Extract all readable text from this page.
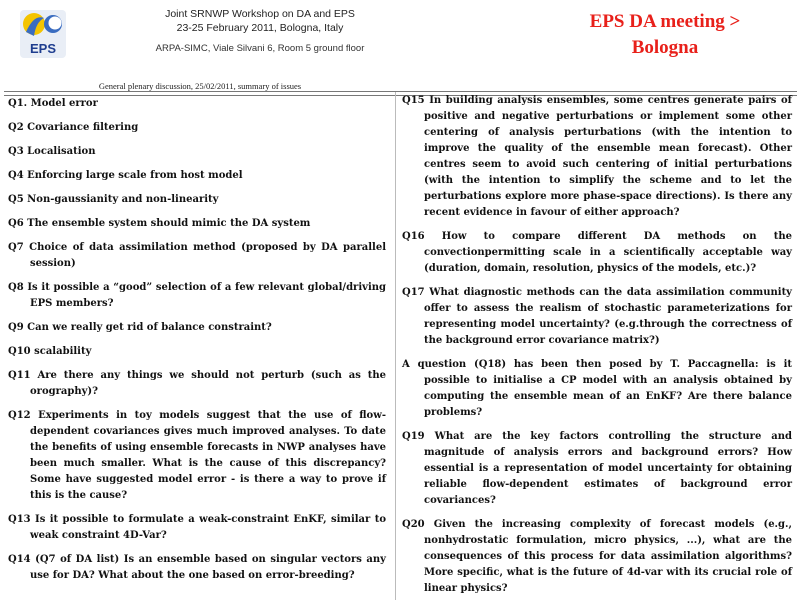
EPS
Joint SRNWP Workshop on DA and EPS
23-25 February 2011, Bologna, Italy
ARPA-SIMC, Viale Silvani 6, Room 5 ground floor
EPS DA meeting >
Bologna
General plenary discussion, 25/02/2011, summary of issues

Q1. Model error

Q2 Covariance filtering

Q3 Localisation

Q4 Enforcing large scale from host model

Q5 Non-gaussianity and non-linearity

Q6 The ensemble system should mimic the DA system

Q7 Choice of data assimilation method (proposed by DA parallel session)

Q8 Is it possible a “good” selection of a few relevant global/driving EPS members?

Q9 Can we really get rid of balance constraint?

Q10 scalability

Q11 Are there any things we should not perturb (such as the orography)?

Q12 Experiments in toy models suggest that the use of flow-dependent covariances gives much improved analyses. To date the benefits of using ensemble forecasts in NWP analyses have been much smaller. What is the cause of this discrepancy? Some have suggested model error - is there a way to prove if this is the cause?

Q13 Is it possible to formulate a weak-constraint EnKF, similar to weak constraint 4D-Var?

Q14 (Q7 of DA list) Is an ensemble based on singular vectors any use for DA? What about the one based on error-breeding?

Q15 In building analysis ensembles, some centres generate pairs of positive and negative perturbations or implement some other centering of analysis perturbations (with the intention to improve the quality of the ensemble mean forecast). Other centres seem to avoid such centering of initial perturbations (with the intention to simplify the scheme and to let the perturbations explore more phase-space directions). Is there any recent evidence in favour of either approach?

Q16 How to compare different DA methods on the convectionpermitting scale in a scientifically acceptable way (duration, domain, resolution, physics of the models, etc.)?

Q17 What diagnostic methods can the data assimilation community offer to assess the realism of stochastic parameterizations for representing model uncertainty? (e.g.through the correctness of the background error covariance matrix?)

A question (Q18) has been then posed by T. Paccagnella: is it possible to initialise a CP model with an analysis obtained by computing the ensemble mean of an EnKF? Are there balance problems?

Q19 What are the key factors controlling the structure and magnitude of analysis errors and background errors? How essential is a representation of model uncertainty for obtaining reliable flow-dependent estimates of background error covariances?

Q20 Given the increasing complexity of forecast models (e.g., nonhydrostatic formulation, micro physics, ...), what are the consequences of this process for data assimilation algorithms? More specific, what is the future of 4d-var with its crucial role of linear physics?
